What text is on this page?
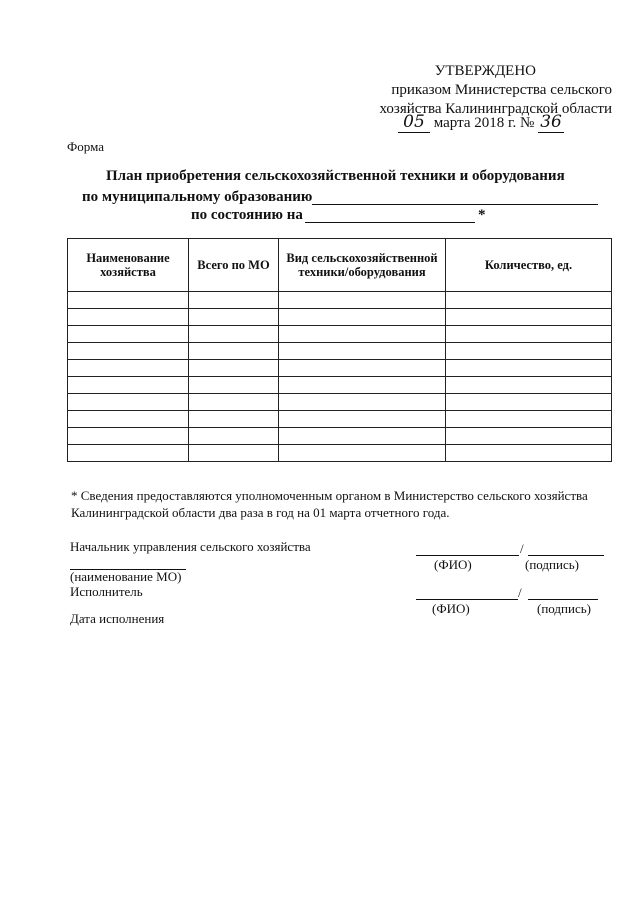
УТВЕРЖДЕНО
приказом Министерства сельского
хозяйства Калининградской области
05 марта 2018 г. № 36
Форма
План приобретения сельскохозяйственной техники и оборудования
по муниципальному образованию
по состоянию на	*
Наименование хозяйства	Всего по МО	Вид сельскохозяйственной техники/оборудования	Количество, ед.

* Сведения предоставляются уполномоченным органом в Министерство сельского хозяйства
Калининградской области два раза в год на 01 марта отчетного года.
Начальник управления сельского хозяйства	/
(ФИО)	(подпись)
(наименование МО)
Исполнитель	/
(ФИО)	(подпись)
Дата исполнения
